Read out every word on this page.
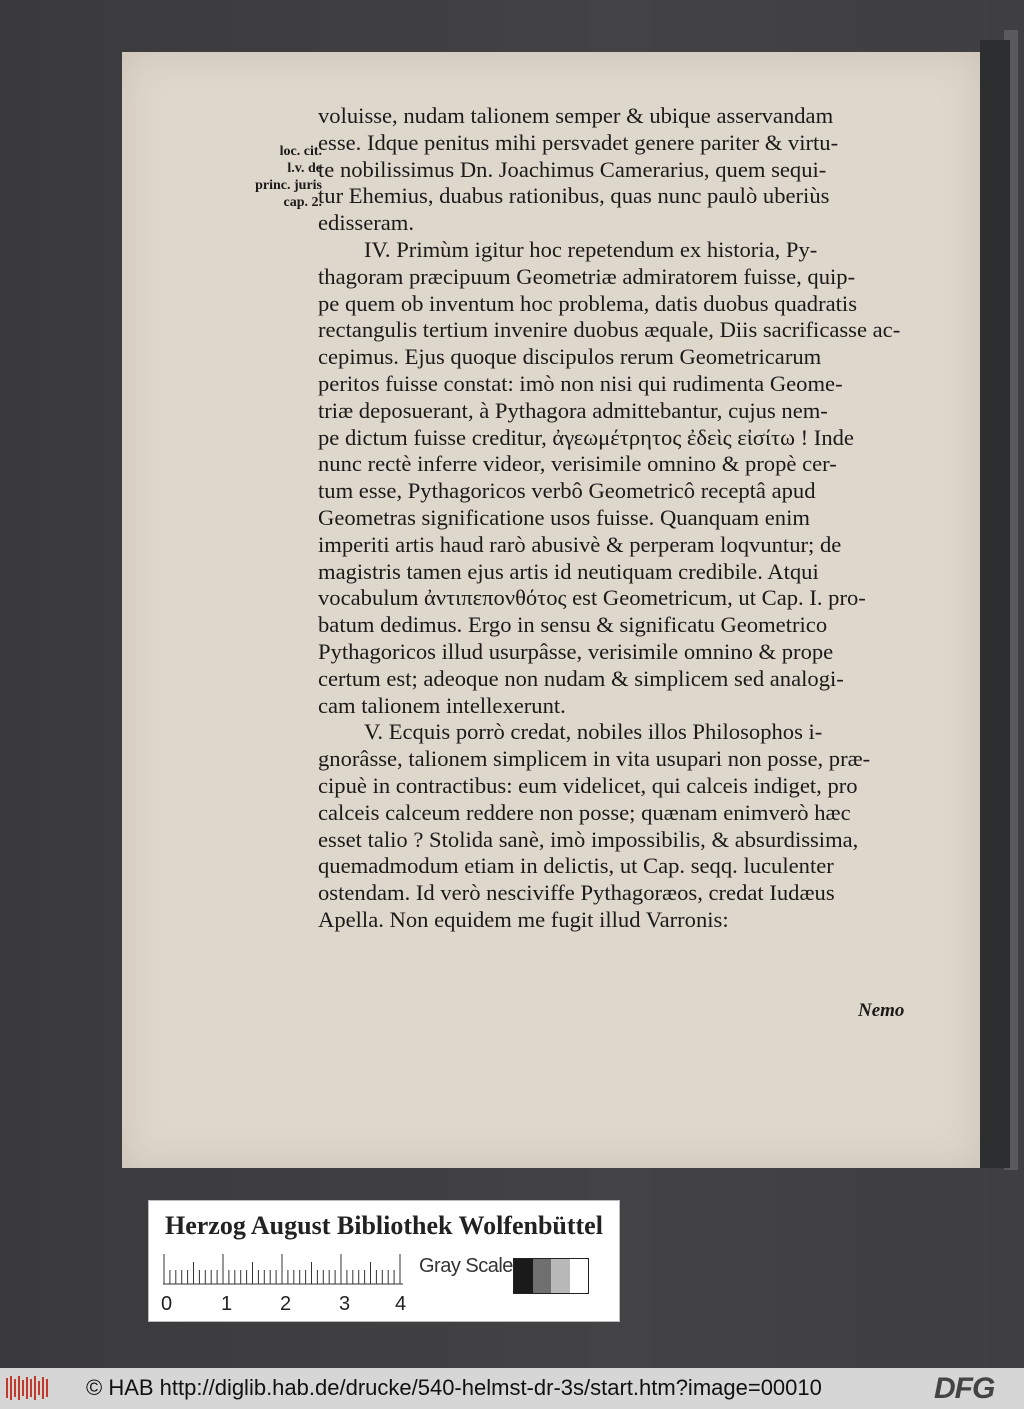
loc. cit.
l.v. de
princ. juris
cap. 2.
voluisse, nudam talionem semper & ubique asservandam
esse. Idque penitus mihi persvadet genere pariter & virtu-
te nobilissimus Dn. Joachimus Camerarius, quem sequi-
tur Ehemius, duabus rationibus, quas nunc paulò uberiùs
edisseram.
IV. Primùm igitur hoc repetendum ex historia, Py-
thagoram præcipuum Geometriæ admiratorem fuisse, quip-
pe quem ob inventum hoc problema, datis duobus quadratis
rectangulis tertium invenire duobus æquale, Diis sacrificasse ac-
cepimus. Ejus quoque discipulos rerum Geometricarum
peritos fuisse constat: imò non nisi qui rudimenta Geome-
triæ deposuerant, à Pythagora admittebantur, cujus nem-
pe dictum fuisse creditur, ἀγεωμέτρητος ἐδεὶς εἰσίτω ! Inde
nunc rectè inferre videor, verisimile omnino & propè cer-
tum esse, Pythagoricos verbô Geometricô receptâ apud
Geometras significatione usos fuisse. Quanquam enim
imperiti artis haud rarò abusivè & perperam loqvuntur; de
magistris tamen ejus artis id neutiquam credibile. Atqui
vocabulum ἀντιπεπονθότος est Geometricum, ut Cap. I. pro-
batum dedimus. Ergo in sensu & significatu Geometrico
Pythagoricos illud usurpâsse, verisimile omnino & prope
certum est; adeoque non nudam & simplicem sed analogi-
cam talionem intellexerunt.
V. Ecquis porrò credat, nobiles illos Philosophos i-
gnorâsse, talionem simplicem in vita usupari non posse, præ-
cipuè in contractibus: eum videlicet, qui calceis indiget, pro
calceis calceum reddere non posse; quænam enimverò hæc
esset talio ? Stolida sanè, imò impossibilis, & absurdissima,
quemadmodum etiam in delictis, ut Cap. seqq. luculenter
ostendam. Id verò nesciviffe Pythagoræos, credat Iudæus
Apella. Non equidem me fugit illud Varronis:
Nemo
Herzog August Bibliothek Wolfenbüttel
Gray Scale
0 1 2 3 4
© HAB http://diglib.hab.de/drucke/540-helmst-dr-3s/start.htm?image=00010	DFG
